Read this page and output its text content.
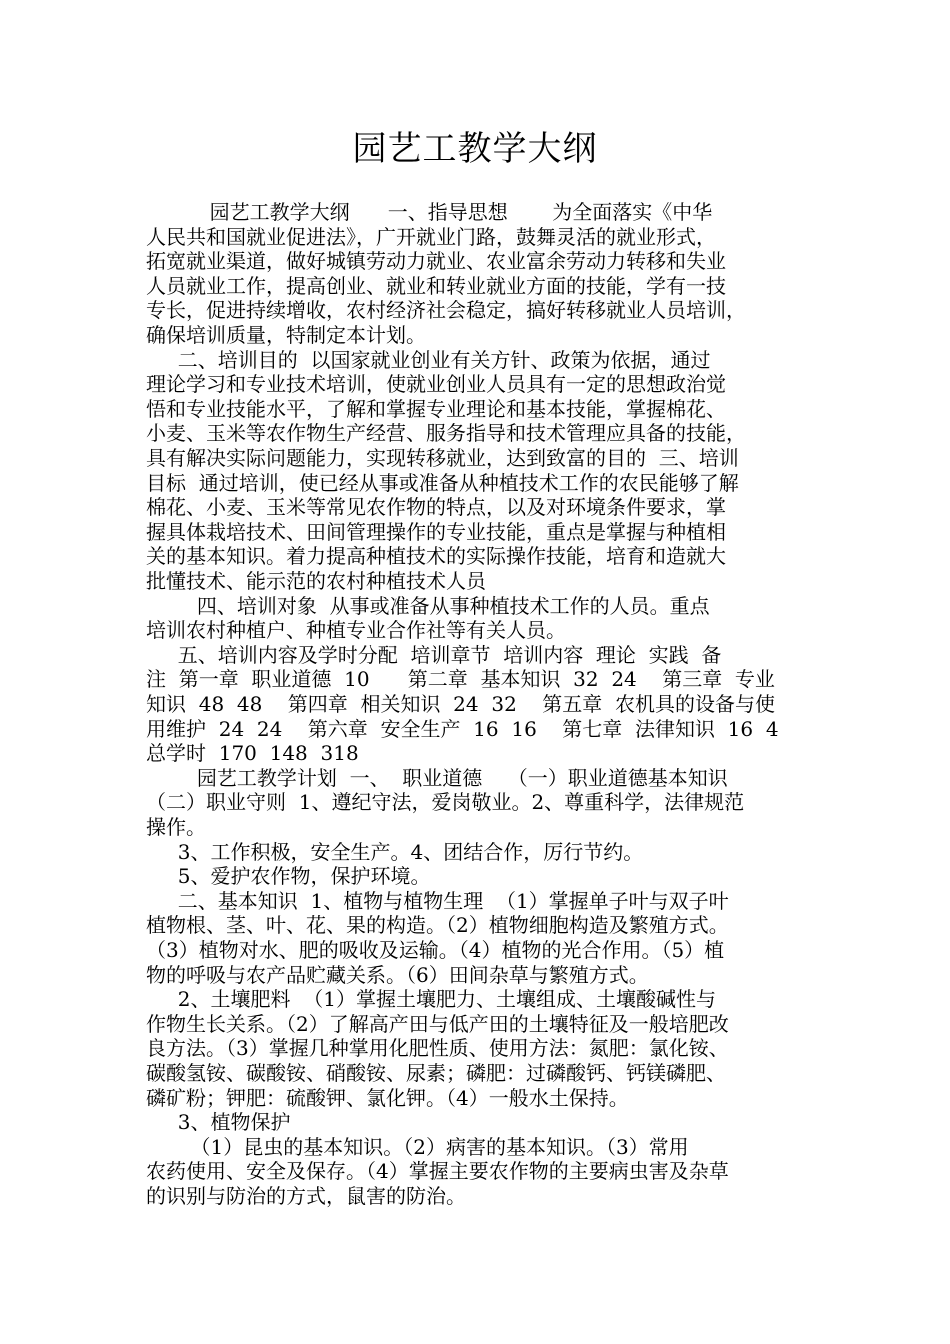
园艺工教学大纲
园艺工教学大纲      一、指导思想       为全面落实《中华
人民共和国就业促进法》，广开就业门路，鼓舞灵活的就业形式，
拓宽就业渠道，做好城镇劳动力就业、农业富余劳动力转移和失业
人员就业工作，提高创业、就业和转业就业方面的技能，学有一技
专长，促进持续增收，农村经济社会稳定，搞好转移就业人员培训，
确保培训质量，特制定本计划。
二、培训目的  以国家就业创业有关方针、政策为依据，通过
理论学习和专业技术培训，使就业创业人员具有一定的思想政治觉
悟和专业技能水平，了解和掌握专业理论和基本技能，掌握棉花、
小麦、玉米等农作物生产经营、服务指导和技术管理应具备的技能，
具有解决实际问题能力，实现转移就业，达到致富的目的  三、培训
目标  通过培训，使已经从事或准备从种植技术工作的农民能够了解
棉花、小麦、玉米等常见农作物的特点，以及对环境条件要求，掌
握具体栽培技术、田间管理操作的专业技能，重点是掌握与种植相
关的基本知识。着力提高种植技术的实际操作技能，培育和造就大
批懂技术、能示范的农村种植技术人员
四、培训对象  从事或准备从事种植技术工作的人员。重点
培训农村种植户、种植专业合作社等有关人员。
五、培训内容及学时分配  培训章节  培训内容  理论  实践  备
注  第一章  职业道德  10      第二章  基本知识  32  24    第三章  专业
知识  48  48    第四章  相关知识  24  32    第五章  农机具的设备与使
用维护  24  24    第六章  安全生产  16  16    第七章  法律知识  16  4
总学时  170  148  318
园艺工教学计划  一、  职业道德    （一）职业道德基本知识
（二）职业守则  1、遵纪守法，爱岗敬业。2、尊重科学，法律规范
操作。
3、工作积极，安全生产。4、团结合作，厉行节约。
5、爱护农作物，保护环境。
二、基本知识  1、植物与植物生理  （1）掌握单子叶与双子叶
植物根、茎、叶、花、果的构造。（2）植物细胞构造及繁殖方式。
（3）植物对水、肥的吸收及运输。（4）植物的光合作用。（5）植
物的呼吸与农产品贮藏关系。（6）田间杂草与繁殖方式。
2、土壤肥料  （1）掌握土壤肥力、土壤组成、土壤酸碱性与
作物生长关系。（2）了解高产田与低产田的土壤特征及一般培肥改
良方法。（3）掌握几种掌用化肥性质、使用方法：氮肥：氯化铵、
碳酸氢铵、碳酸铵、硝酸铵、尿素；磷肥：过磷酸钙、钙镁磷肥、
磷矿粉；钾肥：硫酸钾、氯化钾。（4）一般水土保持。
3、植物保护
（1）昆虫的基本知识。（2）病害的基本知识。（3）常用
农药使用、安全及保存。（4）掌握主要农作物的主要病虫害及杂草
的识别与防治的方式，鼠害的防治。
